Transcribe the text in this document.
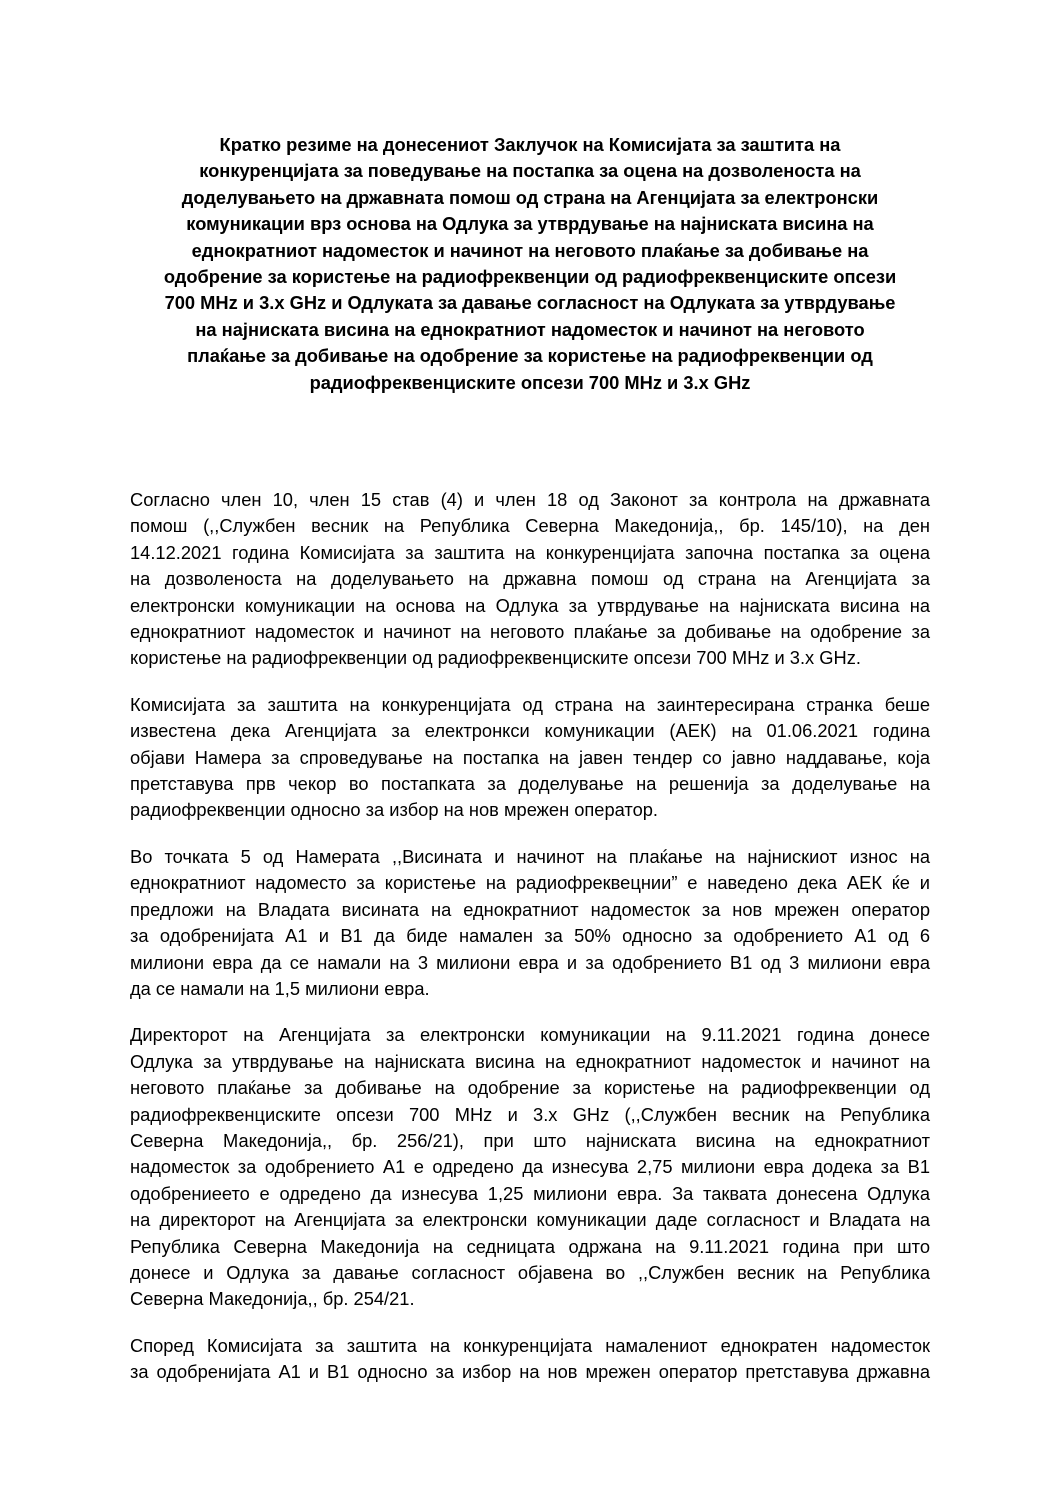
Кратко резиме на донесениот Заклучок на Комисијата за заштита на
конкуренцијата за поведување на постапка за оцена на дозволеноста на
доделувањето на државната помош од страна на Агенцијата за електронски
комуникации врз основа на Одлука за утврдување на најниската висина на
еднократниот надоместок и начинот на неговото плаќање за добивање на
одобрение за користење на радиофреквенции од радиофреквенциските опсези
700 MHz и 3.x GHz и Одлуката за давање согласност на Одлуката за утврдување
на најниската висина на еднократниот надоместок и начинот на неговото
плаќање за добивање на одобрение за користење на радиофреквенции од
радиофреквенциските опсези 700 MHz и 3.x GHz

Согласно член 10, член 15 став (4) и член 18 од Законот за контрола на државната
помош (,,Службен весник на Република Северна Македонија,, бр. 145/10), на ден
14.12.2021 година Комисијата за заштита на конкуренцијата започна постапка за оцена
на дозволеноста на доделувањето на државна помош од страна на Агенцијата за
електронски комуникации на основа на Одлука за утврдување на најниската висина на
еднократниот надоместок и начинот на неговото плаќање за добивање на одобрение за
користење на радиофреквенции од радиофреквенциските опсези 700 MHz и 3.x GHz.

Комисијата за заштита на конкуренцијата од страна на заинтересирана странка беше
известена дека Агенцијата за електронкси комуникации (АЕК) на 01.06.2021 година
објави Намера за спроведување на постапка на јавен тендер со јавно наддавање, која
претставува прв чекор во постапката за доделување на решенија за доделување на
радиофреквенции односно за избор на нов мрежен оператор.

Во точката 5 од Намерата ,,Висината и начинот на плаќање на најнискиот износ на
еднократниот надоместо за користење на радиофреквецнии” е наведено дека АЕК ќе и
предложи на Владата висината на еднократниот надоместок за нов мрежен оператор
за одобренијата А1 и В1 да биде намален за 50% односно за одобрението А1 од 6
милиони евра да се намали на 3 милиони евра и за одобрението В1 од 3 милиони евра
да се намали на 1,5 милиони евра.

Директорот на Агенцијата за електронски комуникации на 9.11.2021 година донесе
Одлука за утврдување на најниската висина на еднократниот надоместок и начинот на
неговото плаќање за добивање на одобрение за користење на радиофреквенции од
радиофреквенциските опсези 700 MHz и 3.x GHz (,,Службен весник на Република
Северна Македонија,, бр. 256/21), при што најниската висина на еднократниот
надоместок за одобрението А1 е одредено да изнесува 2,75 милиони евра додека за В1
одобрениеето е одредено да изнесува 1,25 милиони евра. За таквата донесена Одлука
на директорот на Агенцијата за електронски комуникации даде согласност и Владата на
Република Северна Македонија на седницата одржана на 9.11.2021 година при што
донесе и Одлука за давање согласност објавена во ,,Службен весник на Република
Северна Македонија,, бр. 254/21.

Според Комисијата за заштита на конкуренцијата намалениот еднократен надоместок
за одобренијата А1 и В1 односно за избор на нов мрежен оператор претставува државна
